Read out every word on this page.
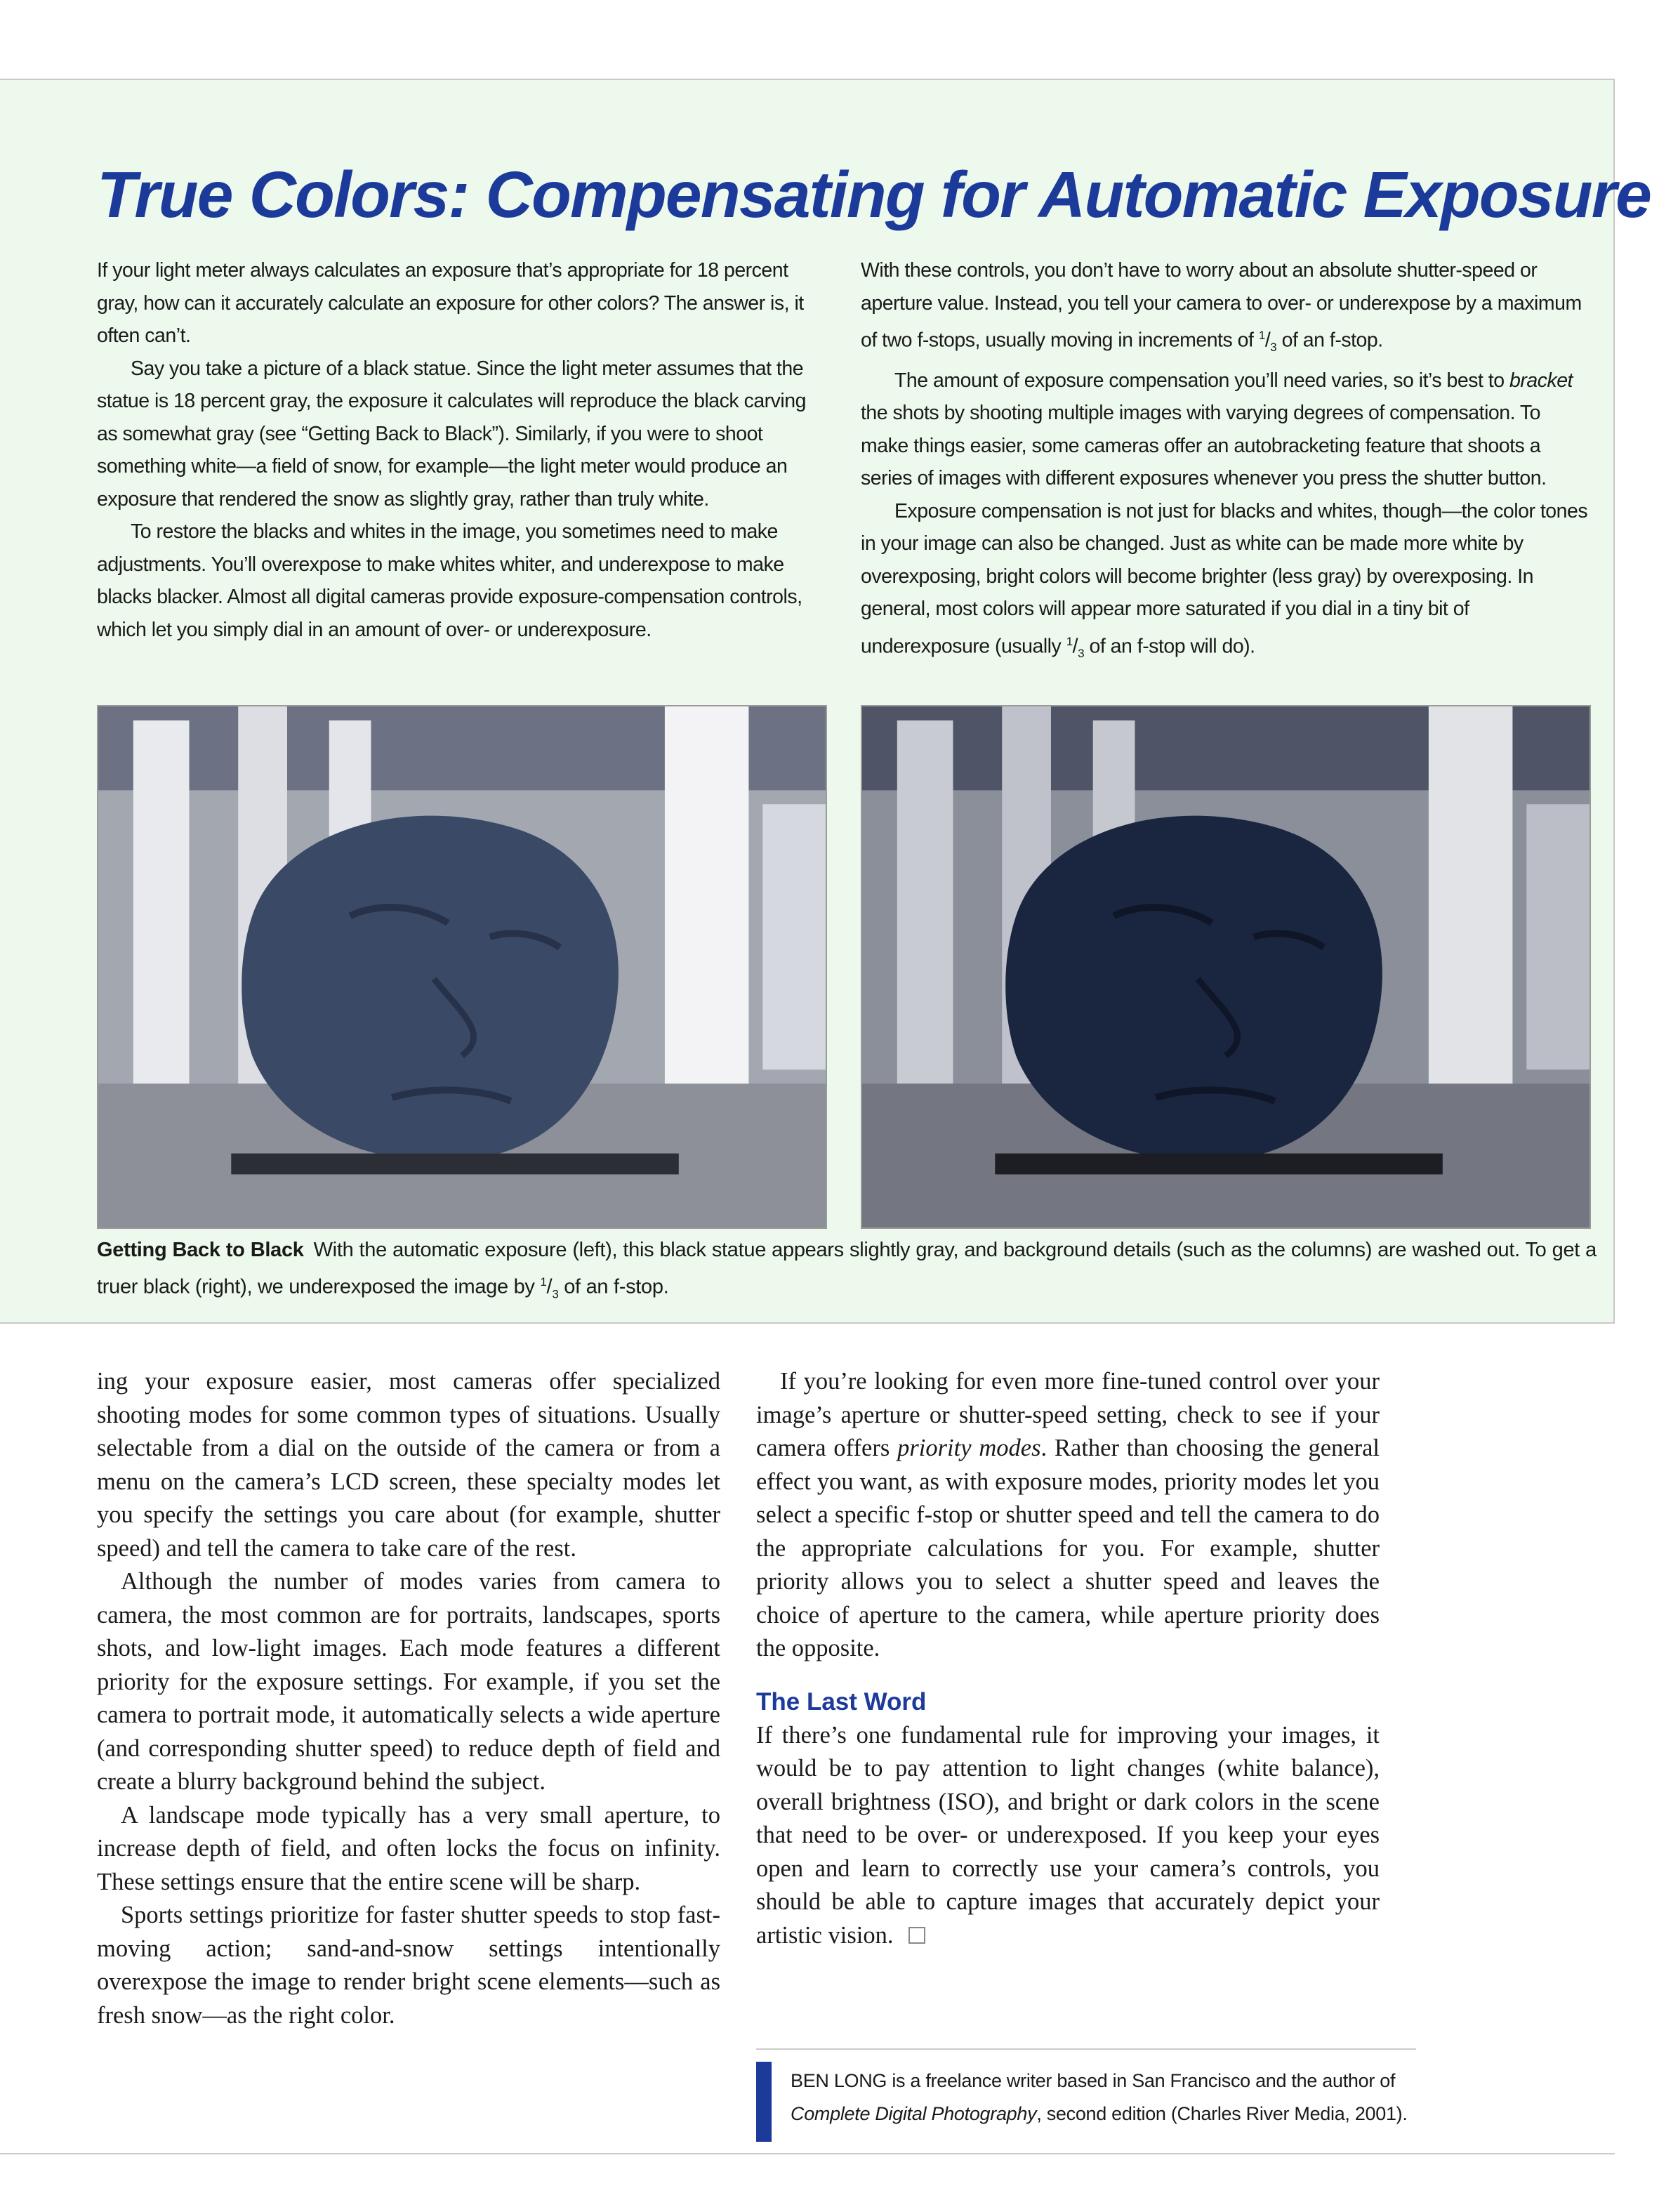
True Colors: Compensating for Automatic Exposure

If your light meter always calculates an exposure that’s appropriate for 18 percent gray, how can it accurately calculate an exposure for other colors? The answer is, it often can’t.

Say you take a picture of a black statue. Since the light meter assumes that the statue is 18 percent gray, the exposure it calculates will reproduce the black carving as somewhat gray (see “Getting Back to Black”). Similarly, if you were to shoot something white—a field of snow, for example—the light meter would produce an exposure that rendered the snow as slightly gray, rather than truly white.

To restore the blacks and whites in the image, you sometimes need to make adjustments. You’ll overexpose to make whites whiter, and underexpose to make blacks blacker. Almost all digital cameras provide exposure-compensation controls, which let you simply dial in an amount of over- or underexposure.

With these controls, you don’t have to worry about an absolute shutter-speed or aperture value. Instead, you tell your camera to over- or underexpose by a maximum of two f-stops, usually moving in increments of $^1/_3$ of an f-stop.

The amount of exposure compensation you’ll need varies, so it’s best to bracket the shots by shooting multiple images with varying degrees of compensation. To make things easier, some cameras offer an autobracketing feature that shoots a series of images with different exposures whenever you press the shutter button.

Exposure compensation is not just for blacks and whites, though—the color tones in your image can also be changed. Just as white can be made more white by overexposing, bright colors will become brighter (less gray) by overexposing. In general, most colors will appear more saturated if you dial in a tiny bit of underexposure (usually $^1/_3$ of an f-stop will do).

Getting Back to Black With the automatic exposure (left), this black statue appears slightly gray, and background details (such as the columns) are washed out. To get a truer black (right), we underexposed the image by $^1/_3$ of an f-stop.

ing your exposure easier, most cameras offer specialized shooting modes for some common types of situations. Usually selectable from a dial on the outside of the camera or from a menu on the camera’s LCD screen, these specialty modes let you specify the settings you care about (for example, shutter speed) and tell the camera to take care of the rest.

Although the number of modes varies from camera to camera, the most common are for portraits, landscapes, sports shots, and low-light images. Each mode features a different priority for the exposure settings. For example, if you set the camera to portrait mode, it automatically selects a wide aperture (and corresponding shutter speed) to reduce depth of field and create a blurry background behind the subject.

A landscape mode typically has a very small aperture, to increase depth of field, and often locks the focus on infinity. These settings ensure that the entire scene will be sharp.

Sports settings prioritize for faster shutter speeds to stop fast-moving action; sand-and-snow settings intentionally overexpose the image to render bright scene elements—such as fresh snow—as the right color.

If you’re looking for even more fine-tuned control over your image’s aperture or shutter-speed setting, check to see if your camera offers priority modes. Rather than choosing the general effect you want, as with exposure modes, priority modes let you select a specific f-stop or shutter speed and tell the camera to do the appropriate calculations for you. For example, shutter priority allows you to select a shutter speed and leaves the choice of aperture to the camera, while aperture priority does the opposite.

The Last Word

If there’s one fundamental rule for improving your images, it would be to pay attention to light changes (white balance), overall brightness (ISO), and bright or dark colors in the scene that need to be over- or underexposed. If you keep your eyes open and learn to correctly use your camera’s controls, you should be able to capture images that accurately depict your artistic vision.

BEN LONG is a freelance writer based in San Francisco and the author of
Complete Digital Photography, second edition (Charles River Media, 2001).
